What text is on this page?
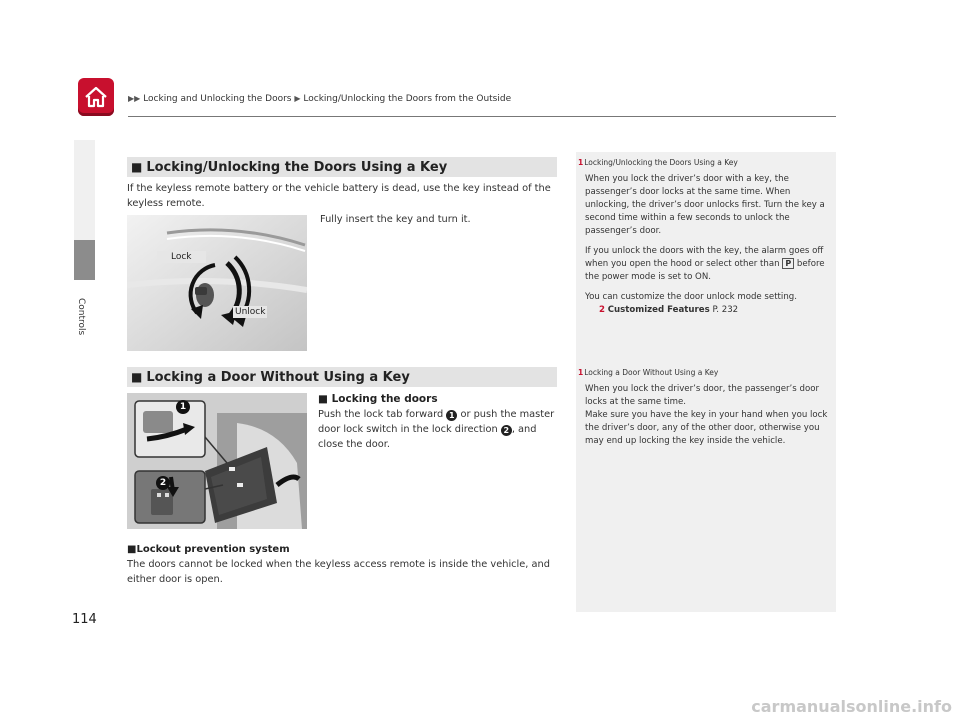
▶▶ Locking and Unlocking the Doors ▶ Locking/Unlocking the Doors from the Outside
Controls
114
■ Locking/Unlocking the Doors Using a Key
If the keyless remote battery or the vehicle battery is dead, use the key instead of the keyless remote.
Fully insert the key and turn it.
Lock
Unlock
■ Locking a Door Without Using a Key
1
2
■ Locking the doors
Push the lock tab forward 1 or push the master door lock switch in the lock direction 2 , and close the door.
■Lockout prevention system
The doors cannot be locked when the keyless access remote is inside the vehicle, and either door is open.
1Locking/Unlocking the Doors Using a Key

When you lock the driver’s door with a key, the passenger’s door locks at the same time. When unlocking, the driver’s door unlocks first. Turn the key a second time within a few seconds to unlock the passenger’s door.

If you unlock the doors with the key, the alarm goes off when you open the hood or select other than P before the power mode is set to ON.

You can customize the door unlock mode setting.
2 Customized Features P. 232

1Locking a Door Without Using a Key

When you lock the driver’s door, the passenger’s door locks at the same time.

Make sure you have the key in your hand when you lock the driver’s door, any of the other door, otherwise you may end up locking the key inside the vehicle.

carmanualsonline.info
